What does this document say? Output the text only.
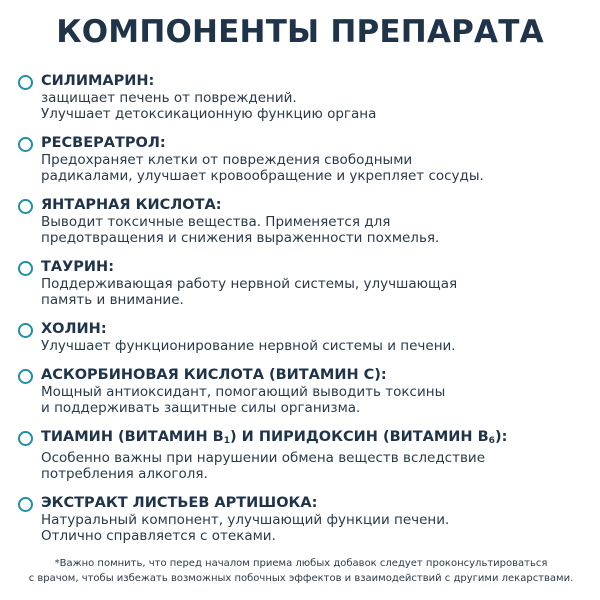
КОМПОНЕНТЫ ПРЕПАРАТА
СИЛИМАРИН:
защищает печень от повреждений.
Улучшает детоксикационную функцию органа
РЕСВЕРАТРОЛ:
Предохраняет клетки от повреждения свободными
радикалами, улучшает кровообращение и укрепляет сосуды.
ЯНТАРНАЯ КИСЛОТА:
Выводит токсичные вещества. Применяется для
предотвращения и снижения выраженности похмелья.
ТАУРИН:
Поддерживающая работу нервной системы, улучшающая
память и внимание.
ХОЛИН:
Улучшает функционирование нервной системы и печени.
АСКОРБИНОВАЯ КИСЛОТА (ВИТАМИН С):
Мощный антиоксидант, помогающий выводить токсины
и поддерживать защитные силы организма.
ТИАМИН (ВИТАМИН $В_1$) И ПИРИДОКСИН (ВИТАМИН $В_6$):
Особенно важны при нарушении обмена веществ вследствие
потребления алкоголя.
ЭКСТРАКТ ЛИСТЬЕВ АРТИШОКА:
Натуральный компонент, улучшающий функции печени.
Отлично справляется с отеками.
*Важно помнить, что перед началом приема любых добавок следует проконсультироваться
с врачом, чтобы избежать возможных побочных эффектов и взаимодействий с другими лекарствами.
